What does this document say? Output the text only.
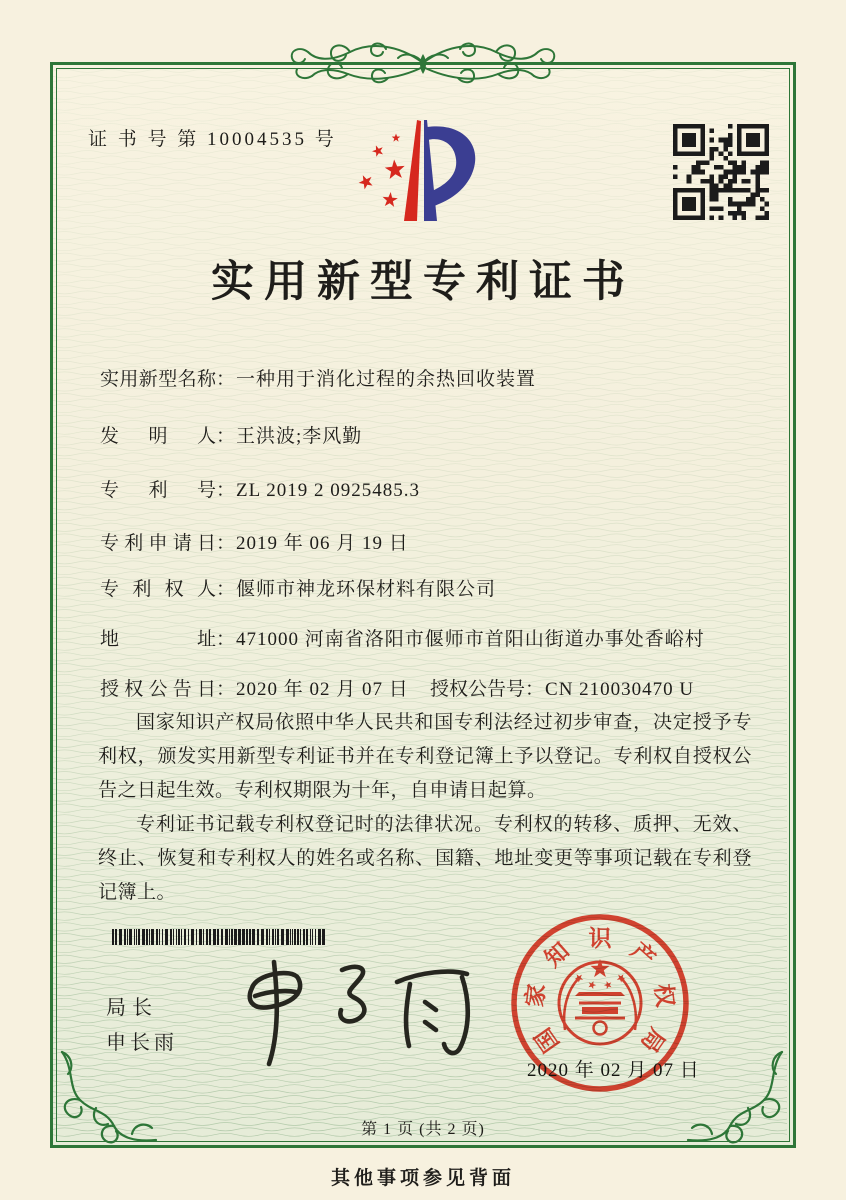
证 书 号 第 10004535 号
实用新型专利证书
实用新型名称：一种用于消化过程的余热回收装置
发明人：王洪波;李风勤
专利号：ZL 2019 2 0925485.3
专利申请日：2019 年 06 月 19 日
专利权人：偃师市神龙环保材料有限公司
地址：471000 河南省洛阳市偃师市首阳山街道办事处香峪村
授权公告日：2020 年 02 月 07 日 授权公告号：CN 210030470 U

国家知识产权局依照中华人民共和国专利法经过初步审查，决定授予专利权，颁发实用新型专利证书并在专利登记簿上予以登记。专利权自授权公告之日起生效。专利权期限为十年，自申请日起算。

专利证书记载专利权登记时的法律状况。专利权的转移、质押、无效、终止、恢复和专利权人的姓名或名称、国籍、地址变更等事项记载在专利登记簿上。

局长
申长雨	国
家
知 识 产
权
局
2020 年 02 月 07 日
第 1 页 (共 2 页)
其他事项参见背面
